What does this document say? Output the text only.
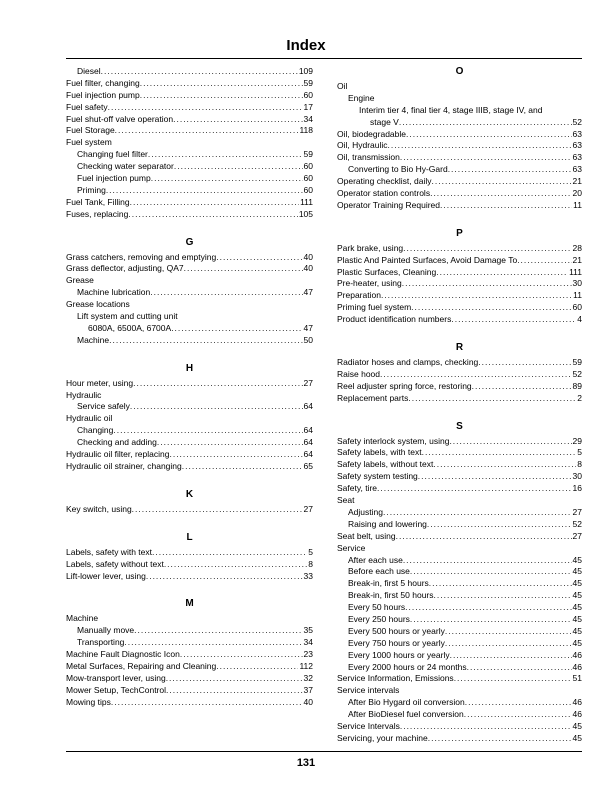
Index
Diesel .....	109
Fuel filter, changing .....	59
Fuel injection pump .....	60
Fuel safety .....	17
Fuel shut-off valve operation .....	34
Fuel Storage .....	118
Fuel system
Changing fuel filter .....	59
Checking water separator .....	60
Fuel injection pump .....	60
Priming .....	60
Fuel Tank, Filling .....	111
Fuses, replacing .....	105
G
Grass catchers, removing and emptying .....	40
Grass deflector, adjusting, QA7 .....	40
Grease
Machine lubrication .....	47
Grease locations
Lift system and cutting unit
6080A, 6500A, 6700A .....	47
Machine .....	50
H
Hour meter, using .....	27
Hydraulic
Service safely .....	64
Hydraulic oil
Changing .....	64
Checking and adding .....	64
Hydraulic oil filter, replacing .....	64
Hydraulic oil strainer, changing .....	65
K
Key switch, using .....	27
L
Labels, safety with text .....	5
Labels, safety without text .....	8
Lift-lower lever, using .....	33
M
Machine
Manually move .....	35
Transporting .....	34
Machine Fault Diagnostic Icon .....	23
Metal Surfaces, Repairing and Cleaning .....	112
Mow-transport lever, using .....	32
Mower Setup, TechControl .....	37
Mowing tips .....	40
O
Oil
Engine
Interim tier 4, final tier 4, stage IIIB, stage IV, and
stage V .....	52
Oil, biodegradable .....	63
Oil, Hydraulic .....	63
Oil, transmission .....	63
Converting to Bio Hy-Gard .....	63
Operating checklist, daily .....	21
Operator station controls .....	20
Operator Training Required .....	11
P
Park brake, using .....	28
Plastic And Painted Surfaces, Avoid Damage To .....	21
Plastic Surfaces, Cleaning .....	111
Pre-heater, using .....	30
Preparation .....	11
Priming fuel system .....	60
Product identification numbers .....	4
R
Radiator hoses and clamps, checking .....	59
Raise hood .....	52
Reel adjuster spring force, restoring .....	89
Replacement parts .....	2
S
Safety interlock system, using .....	29
Safety labels, with text .....	5
Safety labels, without text .....	8
Safety system testing .....	30
Safety, tire .....	16
Seat
Adjusting .....	27
Raising and lowering .....	52
Seat belt, using .....	27
Service
After each use .....	45
Before each use .....	45
Break-in, first 5 hours .....	45
Break-in, first 50 hours .....	45
Every 50 hours .....	45
Every 250 hours .....	45
Every 500 hours or yearly .....	45
Every 750 hours or yearly .....	45
Every 1000 hours or yearly .....	46
Every 2000 hours or 24 months .....	46
Service Information, Emissions .....	51
Service intervals
After Bio Hygard oil conversion .....	46
After BioDiesel fuel conversion .....	46
Service Intervals .....	45
Servicing, your machine .....	45
131
